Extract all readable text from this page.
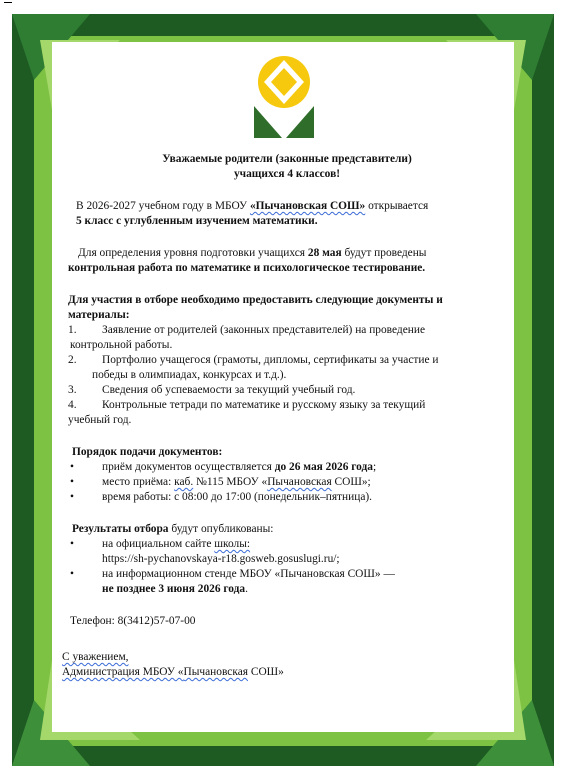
Уважаемые родители (законные представители)

учащихся 4 классов!

В 2026-2027 учебном году в МБОУ «Пычановская СОШ» открывается

5 класс с углубленным изучением математики.

Для определения уровня подготовки учащихся 28 мая будут проведены

контрольная работа по математике и психологическое тестирование.

Для участия в отборе необходимо предоставить следующие документы и материалы:

1.	Заявление от родителей (законных представителей) на проведение

контрольной работы.

2.	Портфолио учащегося (грамоты, дипломы, сертификаты за участие и

победы в олимпиадах, конкурсах и т.д.).

3.	Сведения об успеваемости за текущий учебный год.
4.	Контрольные тетради по математике и русскому языку за текущий

учебный год.

Порядок подачи документов:

•	приём документов осуществляется до 26 мая 2026 года;
•	место приёма: каб. №115 МБОУ «Пычановская СОШ»;
•	время работы: с 08:00 до 17:00 (понедельник–пятница).

Результаты отбора будут опубликованы:

•	на официальном сайте школы:
https://sh-pychanovskaya-r18.gosweb.gosuslugi.ru/;
•	на информационном стенде МБОУ «Пычановская СОШ» —
не позднее 3 июня 2026 года.

Телефон: 8(3412)57-07-00

С уважением,

Администрация МБОУ «Пычановская СОШ»
